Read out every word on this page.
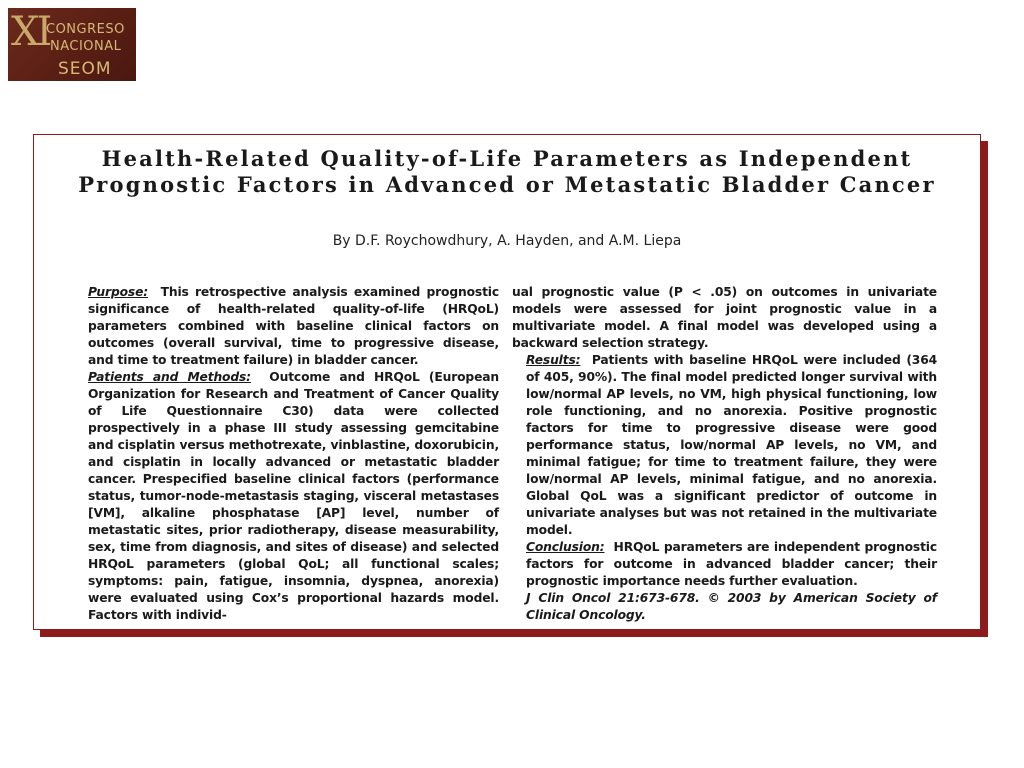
XI
CONGRESO
NACIONAL
SEOM
Health-Related Quality-of-Life Parameters as Independent
Prognostic Factors in Advanced or Metastatic Bladder Cancer
By D.F. Roychowdhury, A. Hayden, and A.M. Liepa

Purpose: This retrospective analysis examined prognostic significance of health-related quality-of-life (HRQoL) parameters combined with baseline clinical factors on outcomes (overall survival, time to progressive disease, and time to treatment failure) in bladder cancer.

Patients and Methods: Outcome and HRQoL (European Organization for Research and Treatment of Cancer Quality of Life Questionnaire C30) data were collected prospectively in a phase III study assessing gemcitabine and cisplatin versus methotrexate, vinblastine, doxorubicin, and cisplatin in locally advanced or metastatic bladder cancer. Prespecified baseline clinical factors (performance status, tumor-node-metastasis staging, visceral metastases [VM], alkaline phosphatase [AP] level, number of metastatic sites, prior radiotherapy, disease measurability, sex, time from diagnosis, and sites of disease) and selected HRQoL parameters (global QoL; all functional scales; symptoms: pain, fatigue, insomnia, dyspnea, anorexia) were evaluated using Cox’s proportional hazards model. Factors with individ-

ual prognostic value (P < .05) on outcomes in univariate models were assessed for joint prognostic value in a multivariate model. A final model was developed using a backward selection strategy.

Results: Patients with baseline HRQoL were included (364 of 405, 90%). The final model predicted longer survival with low/normal AP levels, no VM, high physical functioning, low role functioning, and no anorexia. Positive prognostic factors for time to progressive disease were good performance status, low/normal AP levels, no VM, and minimal fatigue; for time to treatment failure, they were low/normal AP levels, minimal fatigue, and no anorexia. Global QoL was a significant predictor of outcome in univariate analyses but was not retained in the multivariate model.

Conclusion: HRQoL parameters are independent prognostic factors for outcome in advanced bladder cancer; their prognostic importance needs further evaluation.

J Clin Oncol 21:673-678. © 2003 by American Society of Clinical Oncology.
